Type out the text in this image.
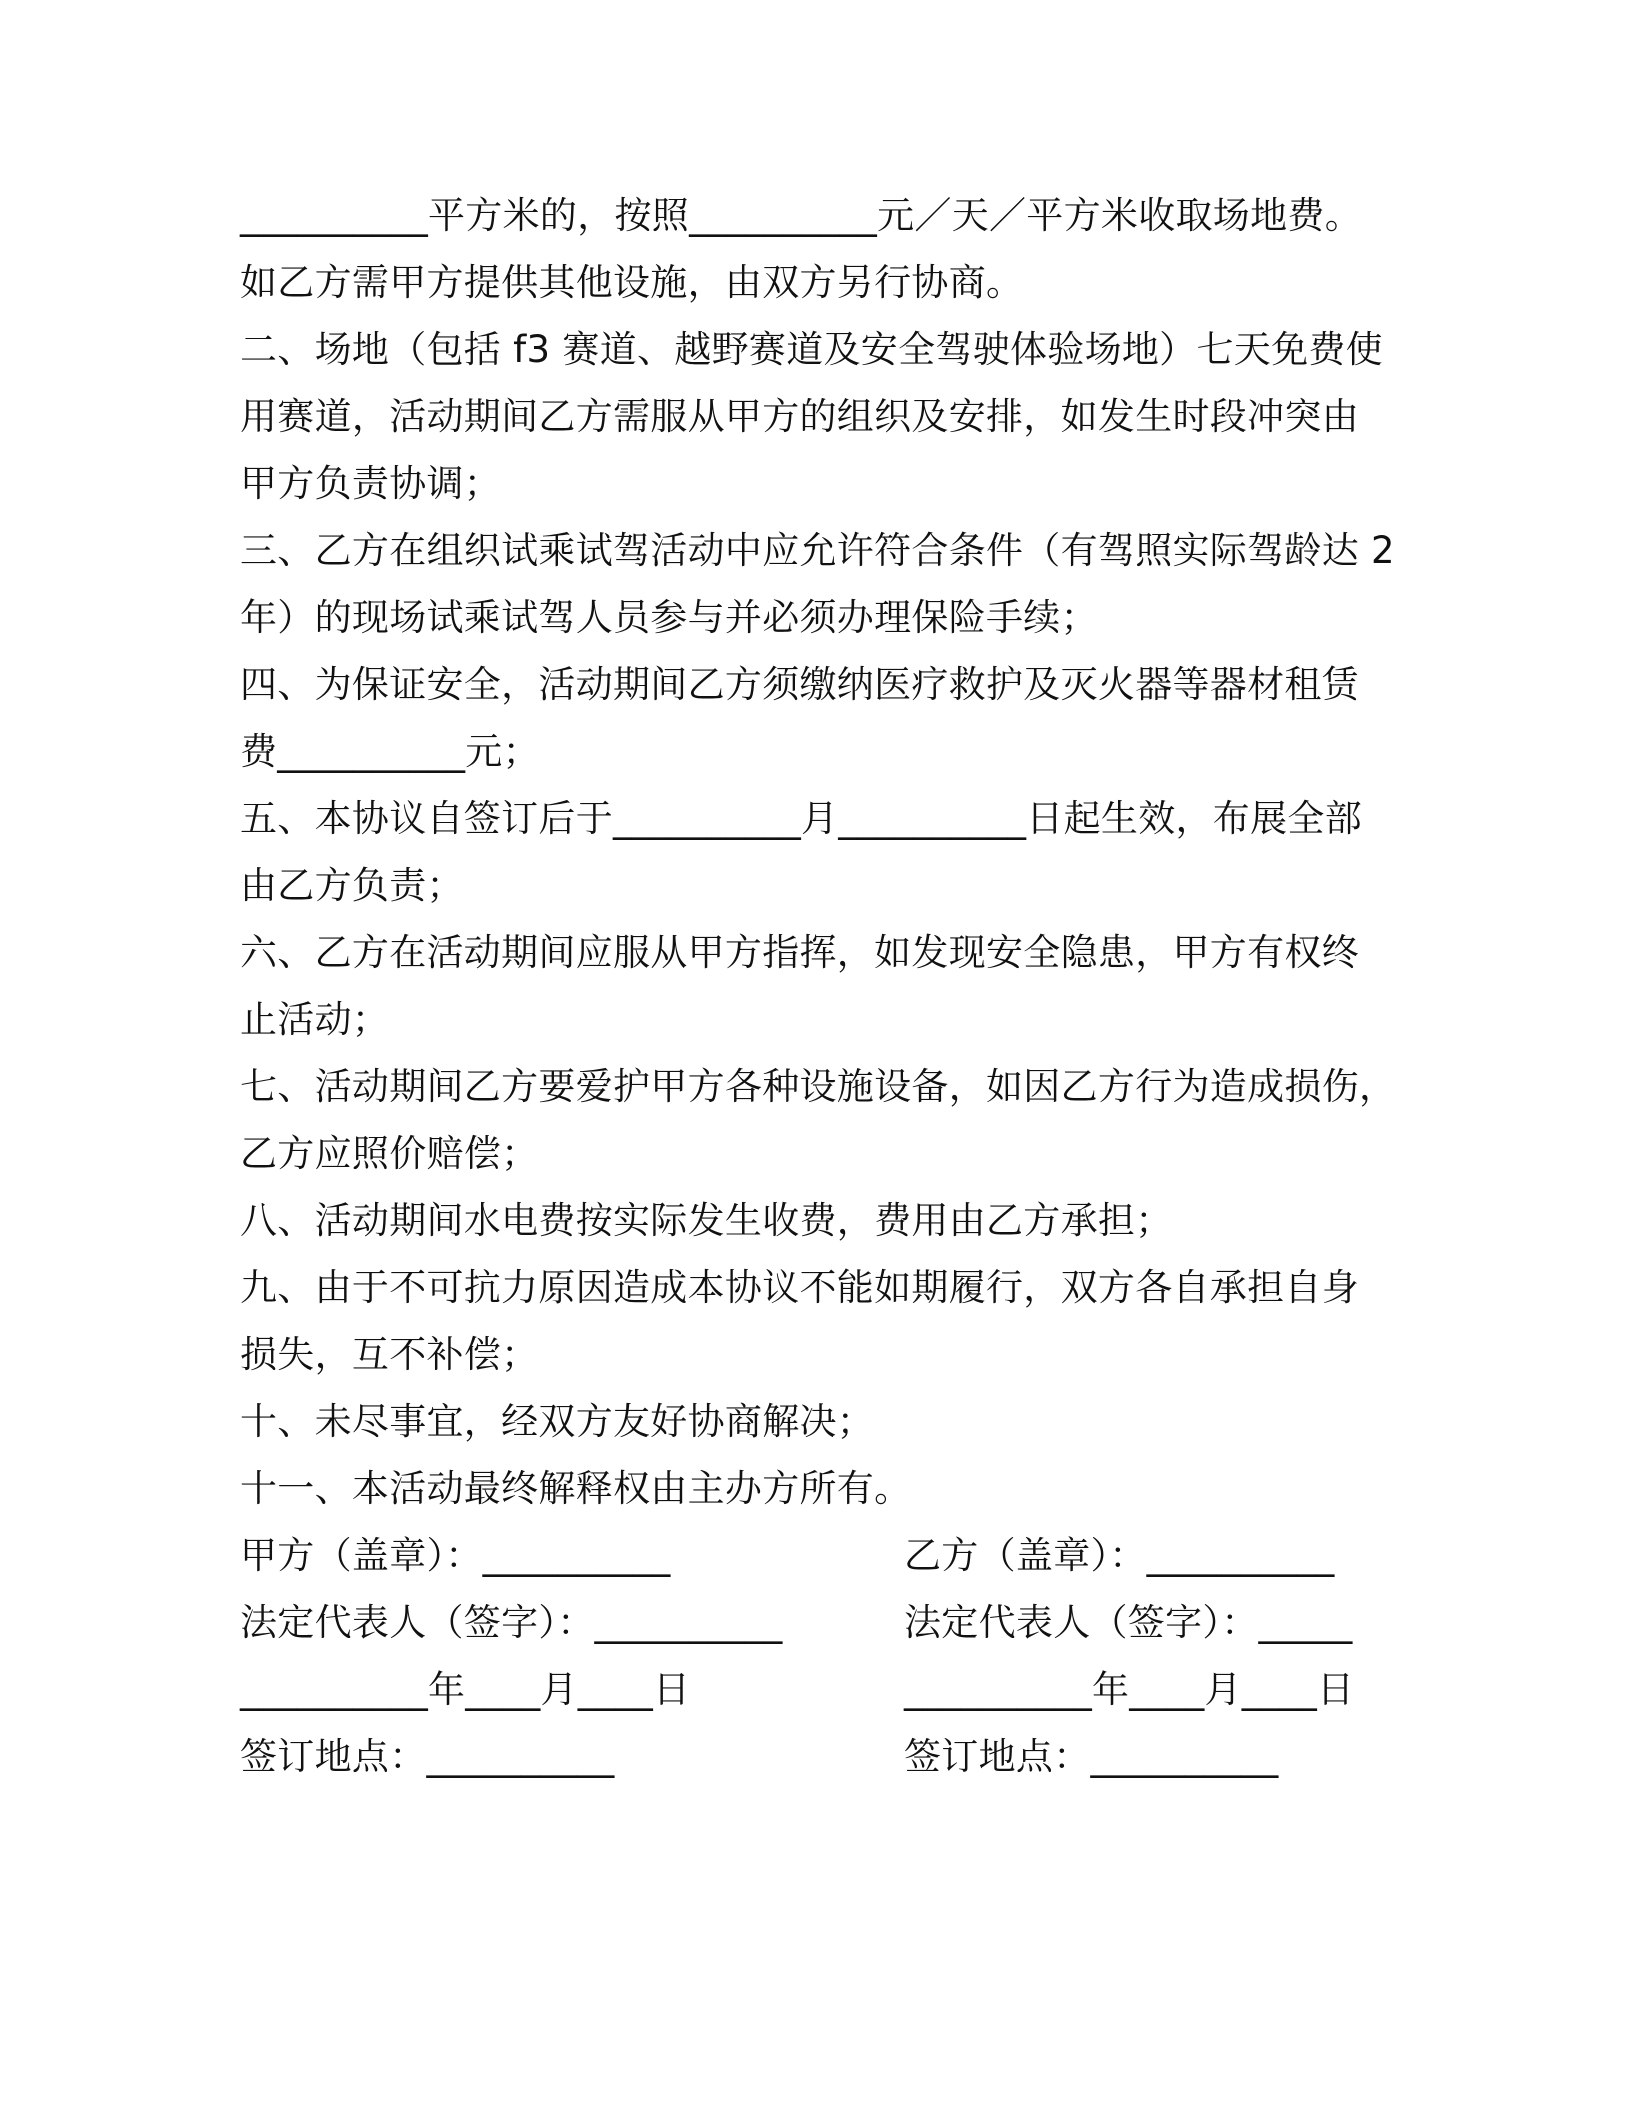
__________平方米的，按照__________元／天／平方米收取场地费。
如乙方需甲方提供其他设施，由双方另行协商。
二、场地（包括 f3 赛道、越野赛道及安全驾驶体验场地）七天免费使
用赛道，活动期间乙方需服从甲方的组织及安排，如发生时段冲突由
甲方负责协调；
三、乙方在组织试乘试驾活动中应允许符合条件（有驾照实际驾龄达 2
年）的现场试乘试驾人员参与并必须办理保险手续；
四、为保证安全，活动期间乙方须缴纳医疗救护及灭火器等器材租赁
费__________元；
五、本协议自签订后于__________月__________日起生效，布展全部
由乙方负责；
六、乙方在活动期间应服从甲方指挥，如发现安全隐患，甲方有权终
止活动；
七、活动期间乙方要爱护甲方各种设施设备，如因乙方行为造成损伤，
乙方应照价赔偿；
八、活动期间水电费按实际发生收费，费用由乙方承担；
九、由于不可抗力原因造成本协议不能如期履行，双方各自承担自身
损失，互不补偿；
十、未尽事宜，经双方友好协商解决；
十一、本活动最终解释权由主办方所有。
甲方（盖章）：__________	乙方（盖章）：__________
法定代表人（签字）：__________	法定代表人（签字）：_____
__________年____月____日	__________年____月____日
签订地点：__________	签订地点：__________
